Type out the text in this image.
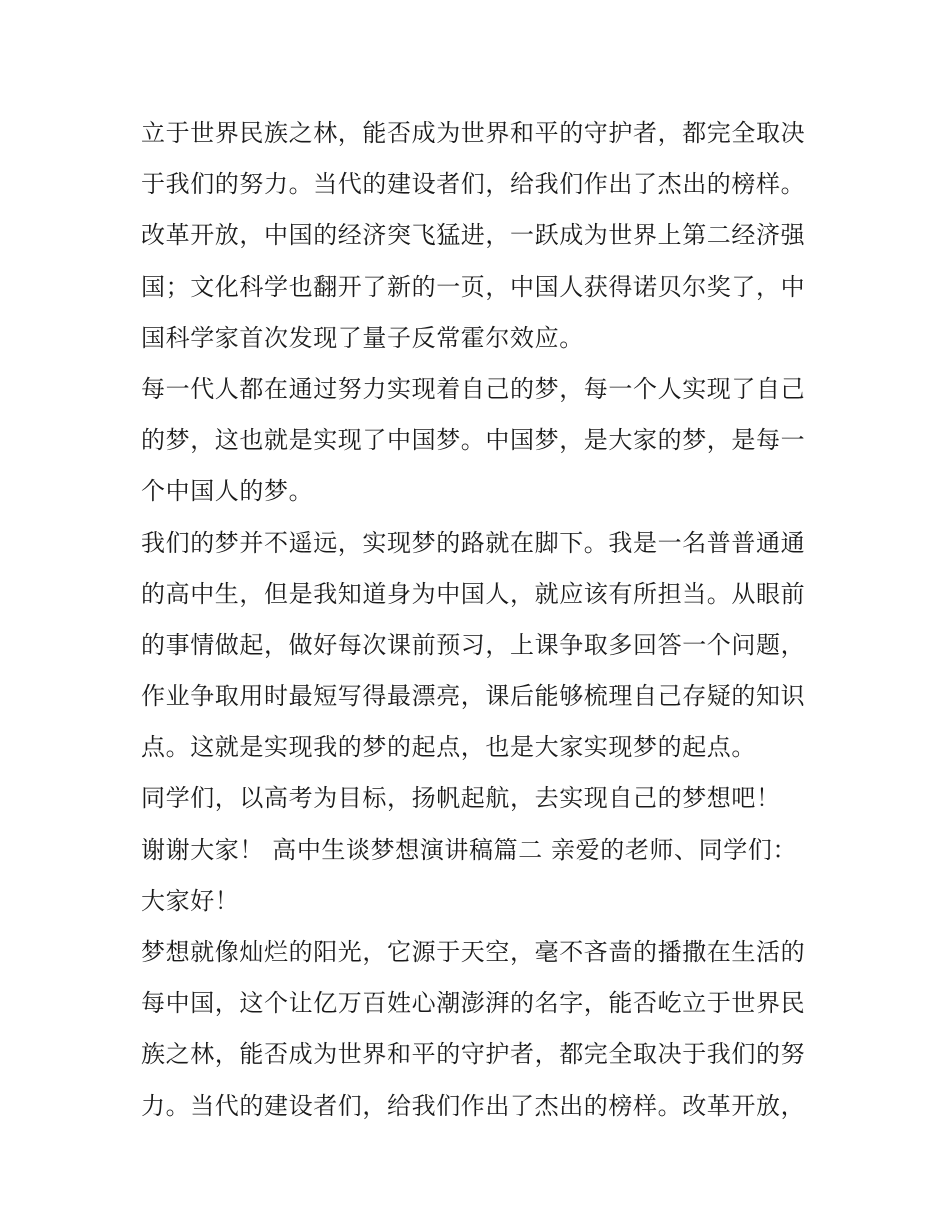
立于世界民族之林，能否成为世界和平的守护者，都完全取决
于我们的努力。当代的建设者们，给我们作出了杰出的榜样。
改革开放，中国的经济突飞猛进，一跃成为世界上第二经济强
国；文化科学也翻开了新的一页，中国人获得诺贝尔奖了，中
国科学家首次发现了量子反常霍尔效应。
每一代人都在通过努力实现着自己的梦，每一个人实现了自己
的梦，这也就是实现了中国梦。中国梦，是大家的梦，是每一
个中国人的梦。
我们的梦并不遥远，实现梦的路就在脚下。我是一名普普通通
的高中生，但是我知道身为中国人，就应该有所担当。从眼前
的事情做起，做好每次课前预习，上课争取多回答一个问题，
作业争取用时最短写得最漂亮，课后能够梳理自己存疑的知识
点。这就是实现我的梦的起点，也是大家实现梦的起点。
同学们，以高考为目标，扬帆起航，去实现自己的梦想吧！
谢谢大家！ 高中生谈梦想演讲稿篇二 亲爱的老师、同学们：
大家好！
梦想就像灿烂的阳光，它源于天空，毫不吝啬的播撒在生活的
每中国，这个让亿万百姓心潮澎湃的名字，能否屹立于世界民
族之林，能否成为世界和平的守护者，都完全取决于我们的努
力。当代的建设者们，给我们作出了杰出的榜样。改革开放，
